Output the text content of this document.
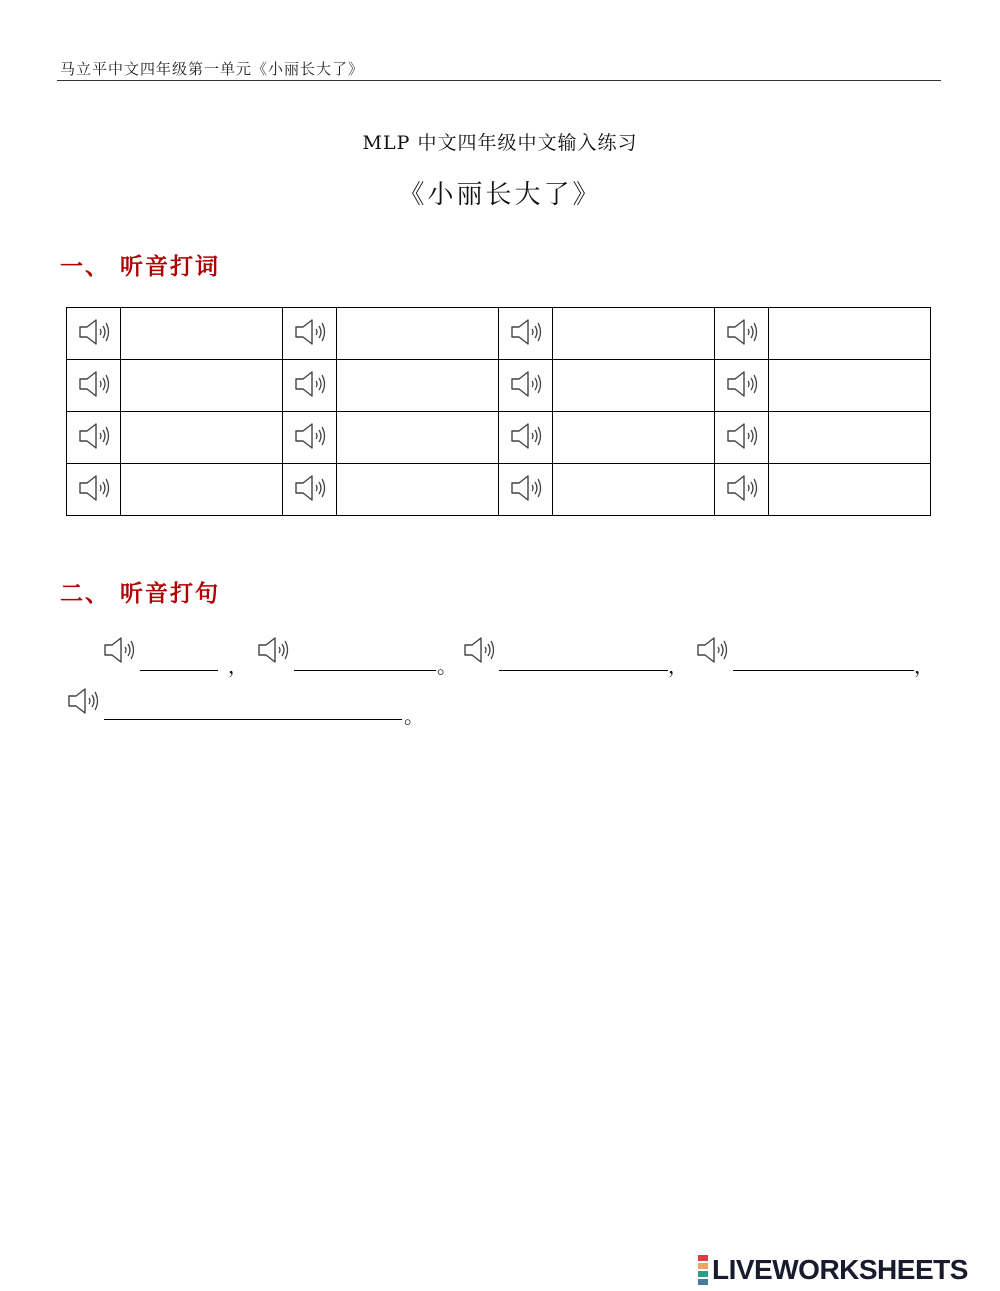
马立平中文四年级第一单元《小丽长大了》
MLP 中文四年级中文输入练习
《小丽长大了》
一、 听音打词

二、 听音打句
，	。	，	，
。
LIVEWORKSHEETS
